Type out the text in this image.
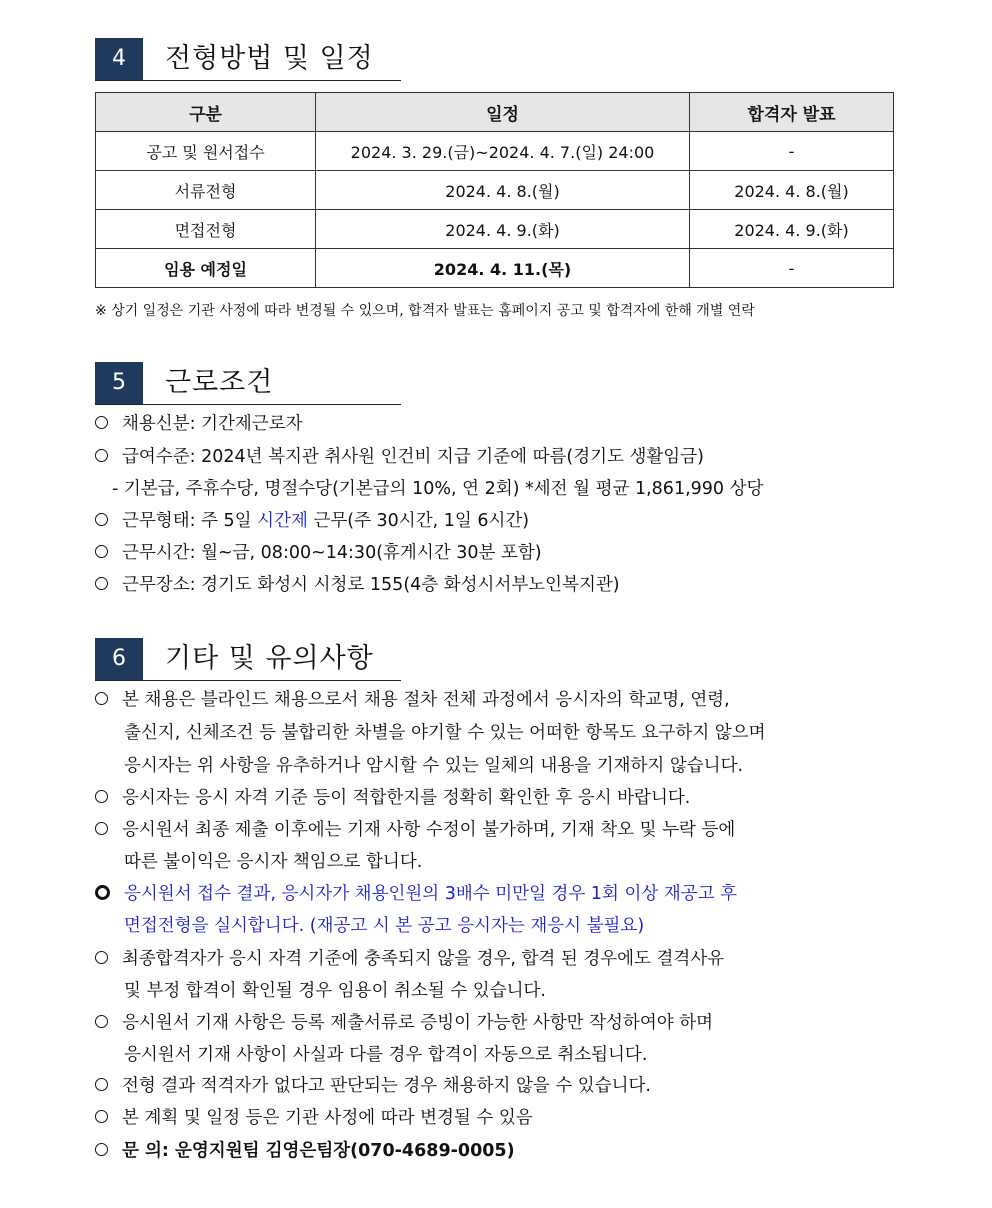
4	전형방법 및 일정
구분	일정	합격자 발표
공고 및 원서접수	2024. 3. 29.(금)~2024. 4. 7.(일) 24:00	-
서류전형	2024. 4. 8.(월)	2024. 4. 8.(월)
면접전형	2024. 4. 9.(화)	2024. 4. 9.(화)
임용 예정일	2024. 4. 11.(목)	-
※ 상기 일정은 기관 사정에 따라 변경될 수 있으며, 합격자 발표는 홈페이지 공고 및 합격자에 한해 개별 연락
5	근로조건
채용신분: 기간제근로자
급여수준: 2024년 복지관 취사원 인건비 지급 기준에 따름(경기도 생활임금)
- 기본급, 주휴수당, 명절수당(기본급의 10%, 연 2회) *세전 월 평균 1,861,990 상당
근무형태: 주 5일 시간제 근무(주 30시간, 1일 6시간)
근무시간: 월~금, 08:00~14:30(휴게시간 30분 포함)
근무장소: 경기도 화성시 시청로 155(4층 화성시서부노인복지관)
6	기타 및 유의사항
본 채용은 블라인드 채용으로서 채용 절차 전체 과정에서 응시자의 학교명, 연령,
출신지, 신체조건 등 불합리한 차별을 야기할 수 있는 어떠한 항목도 요구하지 않으며
응시자는 위 사항을 유추하거나 암시할 수 있는 일체의 내용을 기재하지 않습니다.
응시자는 응시 자격 기준 등이 적합한지를 정확히 확인한 후 응시 바랍니다.
응시원서 최종 제출 이후에는 기재 사항 수정이 불가하며, 기재 착오 및 누락 등에
따른 불이익은 응시자 책임으로 합니다.
응시원서 접수 결과, 응시자가 채용인원의 3배수 미만일 경우 1회 이상 재공고 후
면접전형을 실시합니다. (재공고 시 본 공고 응시자는 재응시 불필요)
최종합격자가 응시 자격 기준에 충족되지 않을 경우, 합격 된 경우에도 결격사유
및 부정 합격이 확인될 경우 임용이 취소될 수 있습니다.
응시원서 기재 사항은 등록 제출서류로 증빙이 가능한 사항만 작성하여야 하며
응시원서 기재 사항이 사실과 다를 경우 합격이 자동으로 취소됩니다.
전형 결과 적격자가 없다고 판단되는 경우 채용하지 않을 수 있습니다.
본 계획 및 일정 등은 기관 사정에 따라 변경될 수 있음
문 의: 운영지원팀 김영은팀장(070-4689-0005)
